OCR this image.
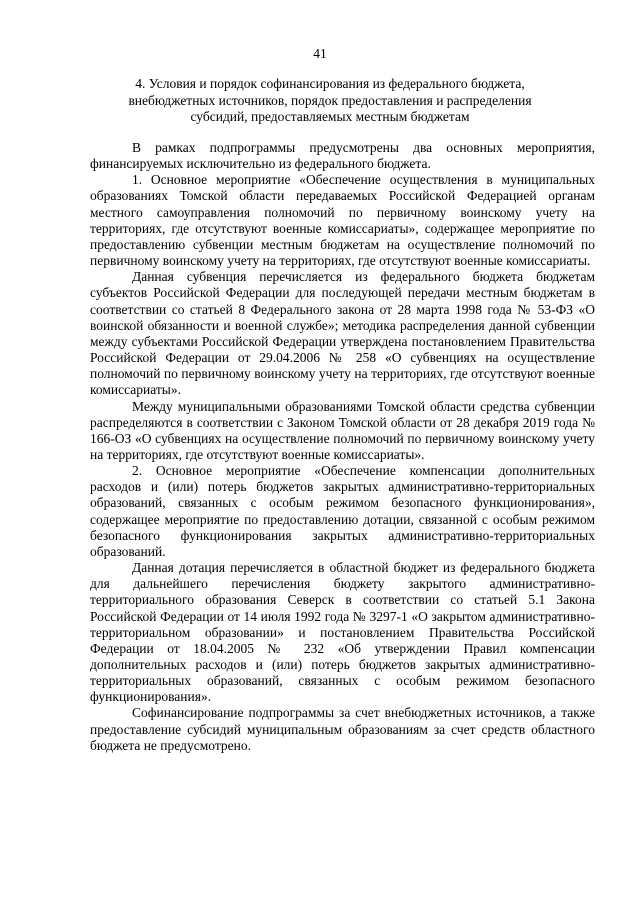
41
4. Условия и порядок софинансирования из федерального бюджета,
внебюджетных источников, порядок предоставления и распределения
субсидий, предоставляемых местным бюджетам

В рамках подпрограммы предусмотрены два основных мероприятия, финансируемых исключительно из федерального бюджета.

1. Основное мероприятие «Обеспечение осуществления в муниципальных образованиях Томской области передаваемых Российской Федерацией органам местного самоуправления полномочий по первичному воинскому учету на территориях, где отсутствуют военные комиссариаты», содержащее мероприятие по предоставлению субвенции местным бюджетам на осуществление полномочий по первичному воинскому учету на территориях, где отсутствуют военные комиссариаты.

Данная субвенция перечисляется из федерального бюджета бюджетам субъектов Российской Федерации для последующей передачи местным бюджетам в соответствии со статьей 8 Федерального закона от 28 марта 1998 года № 53-ФЗ «О воинской обязанности и военной службе»; методика распределения данной субвенции между субъектами Российской Федерации утверждена постановлением Правительства Российской Федерации от 29.04.2006 № 258 «О субвенциях на осуществление полномочий по первичному воинскому учету на территориях, где отсутствуют военные комиссариаты».

Между муниципальными образованиями Томской области средства субвенции распределяются в соответствии с Законом Томской области от 28 декабря 2019 года № 166-ОЗ «О субвенциях на осуществление полномочий по первичному воинскому учету на территориях, где отсутствуют военные комиссариаты».

2. Основное мероприятие «Обеспечение компенсации дополнительных расходов и (или) потерь бюджетов закрытых административно-территориальных образований, связанных с особым режимом безопасного функционирования», содержащее мероприятие по предоставлению дотации, связанной с особым режимом безопасного функционирования закрытых административно-территориальных образований.

Данная дотация перечисляется в областной бюджет из федерального бюджета для дальнейшего перечисления бюджету закрытого административно-территориального образования Северск в соответствии со статьей 5.1 Закона Российской Федерации от 14 июля 1992 года № 3297-1 «О закрытом административно-территориальном образовании» и постановлением Правительства Российской Федерации от 18.04.2005 № 232 «Об утверждении Правил компенсации дополнительных расходов и (или) потерь бюджетов закрытых административно-территориальных образований, связанных с особым режимом безопасного функционирования».

Софинансирование подпрограммы за счет внебюджетных источников, а также предоставление субсидий муниципальным образованиям за счет средств областного бюджета не предусмотрено.
